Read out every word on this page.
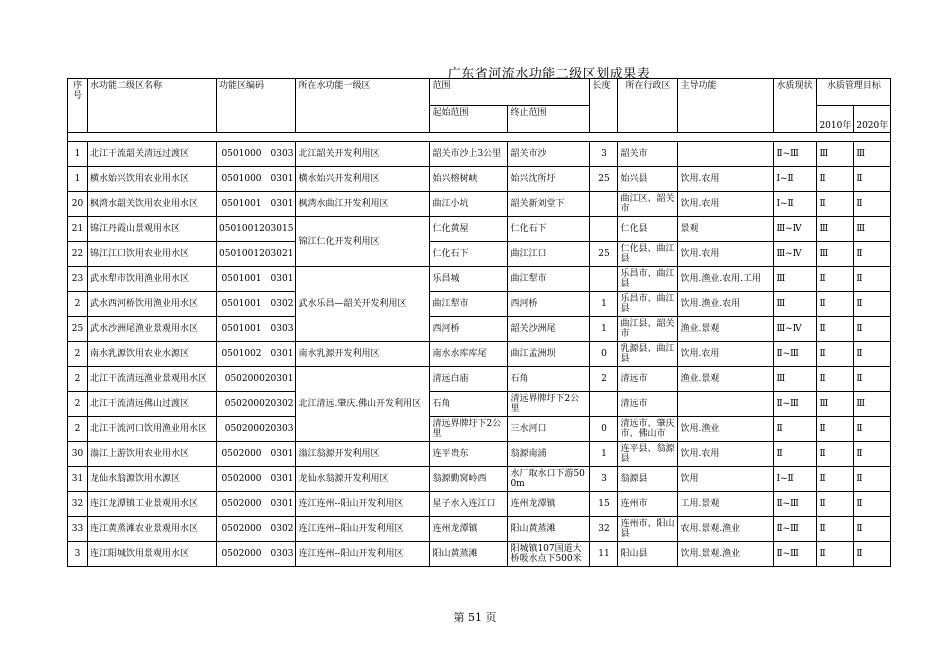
广东省河流水功能二级区划成果表
序号	水功能二级区名称	功能区编码	所在水功能一级区	范围		长度	所在行政区	主导功能	水质现状	水质管理目标	
				起始范围	终止范围					2010年	2020年

1	北江干流韶关清远过渡区	0501000　0303	北江韶关开发利用区	韶关市沙上3公里	韶关市沙	3	韶关市		Ⅱ~Ⅲ	Ⅲ	Ⅲ
1	横水始兴饮用农业用水区	0501000　0301	横水始兴开发利用区	始兴榕树峡	始兴沈所圩	25	始兴县	饮用.农用	Ⅰ~Ⅱ	Ⅱ	Ⅱ
20	枫湾水韶关饮用农业用水区	0501001　0301	枫湾水曲江开发利用区	曲江小坑	韶关新刘堂下		曲江区、韶关市	饮用.农用	Ⅰ~Ⅱ	Ⅱ	Ⅱ
21	锦江丹霞山景观用水区	050100120301​5	锦江仁化开发利用区	仁化黄屋	仁化石下		仁化县	景观	Ⅲ~Ⅳ	Ⅲ	Ⅲ
22	锦江江口饮用农业用水区	050100120302​1		仁化石下	曲江江口	25	仁化县、曲江县	饮用.农用	Ⅲ~Ⅳ	Ⅲ	Ⅱ
23	武水犁市饮用渔业用水区	0501001　0301	武水乐昌—韶关开发利用区	乐昌城	曲江犁市		乐昌市、曲江县	饮用.渔业.农用.工用	Ⅲ	Ⅱ	Ⅱ
2	武水西河桥饮用渔业用水区	0501001　0302		曲江犁市	西河桥	1	乐昌市、曲江县	饮用.渔业.农用	Ⅲ	Ⅱ	Ⅱ
25	武水沙洲尾渔业景观用水区	0501001　0303		西河桥	韶关沙洲尾	1	曲江县、韶关市	渔业.景观	Ⅲ~Ⅳ	Ⅱ	Ⅱ
2	南水乳源饮用农业水源区	0501002　0301	南水乳源开发利用区	南水水库库尾	曲江孟洲坝	0	乳源县、曲江县	饮用.农用	Ⅱ~Ⅲ	Ⅱ	Ⅱ
2	北江干流清远渔业景观用水区	050200020301	北江清远.肇庆.佛山开发利用区	清远白庙	石角	2	清远市	渔业.景观	Ⅲ	Ⅱ	Ⅱ
2	北江干流清远佛山过渡区	050200020302		石角	清远界牌圩下2公里		清远市		Ⅱ~Ⅲ	Ⅲ	Ⅲ
2	北江干流河口饮用渔业用水区	050200020303		清远界牌圩下2公里	三水河口	0	清远市、肇庆市、佛山市	饮用.渔业	Ⅱ	Ⅱ	Ⅱ
30	滃江上游饮用农业用水区	0502000　0301	滃江翁源开发利用区	连平贵东	翁源南浦	1	连平县、翁源县	饮用.农用	Ⅱ	Ⅱ	Ⅱ
31	龙仙水翁源饮用水源区	0502000　0301	龙仙水翁源开发利用区	翁源勤窝岭西	水厂取水口下游500m	3	翁源县	饮用	Ⅰ~Ⅱ	Ⅱ	Ⅱ
32	连江龙潭镇工业景观用水区	0502000　0301	连江连州--阳山开发利用区	星子水入连江口	连州龙潭镇	15	连州市	工用.景观	Ⅱ~Ⅲ	Ⅱ	Ⅱ
33	连江黄蒸滩农业景观用水区	0502000　0302	连江连州--阳山开发利用区	连州龙潭镇	阳山黄蒸滩	32	连州市、阳山县	农用.景观.渔业	Ⅱ~Ⅲ	Ⅱ	Ⅱ
3	连江阳城饮用景观用水区	0502000　0303	连江连州--阳山开发利用区	阳山黄蒸滩	阳城镇107国道大桥吸水点下500米	11	阳山县	饮用.景观.渔业	Ⅱ~Ⅲ	Ⅱ	Ⅱ
第 51 页
